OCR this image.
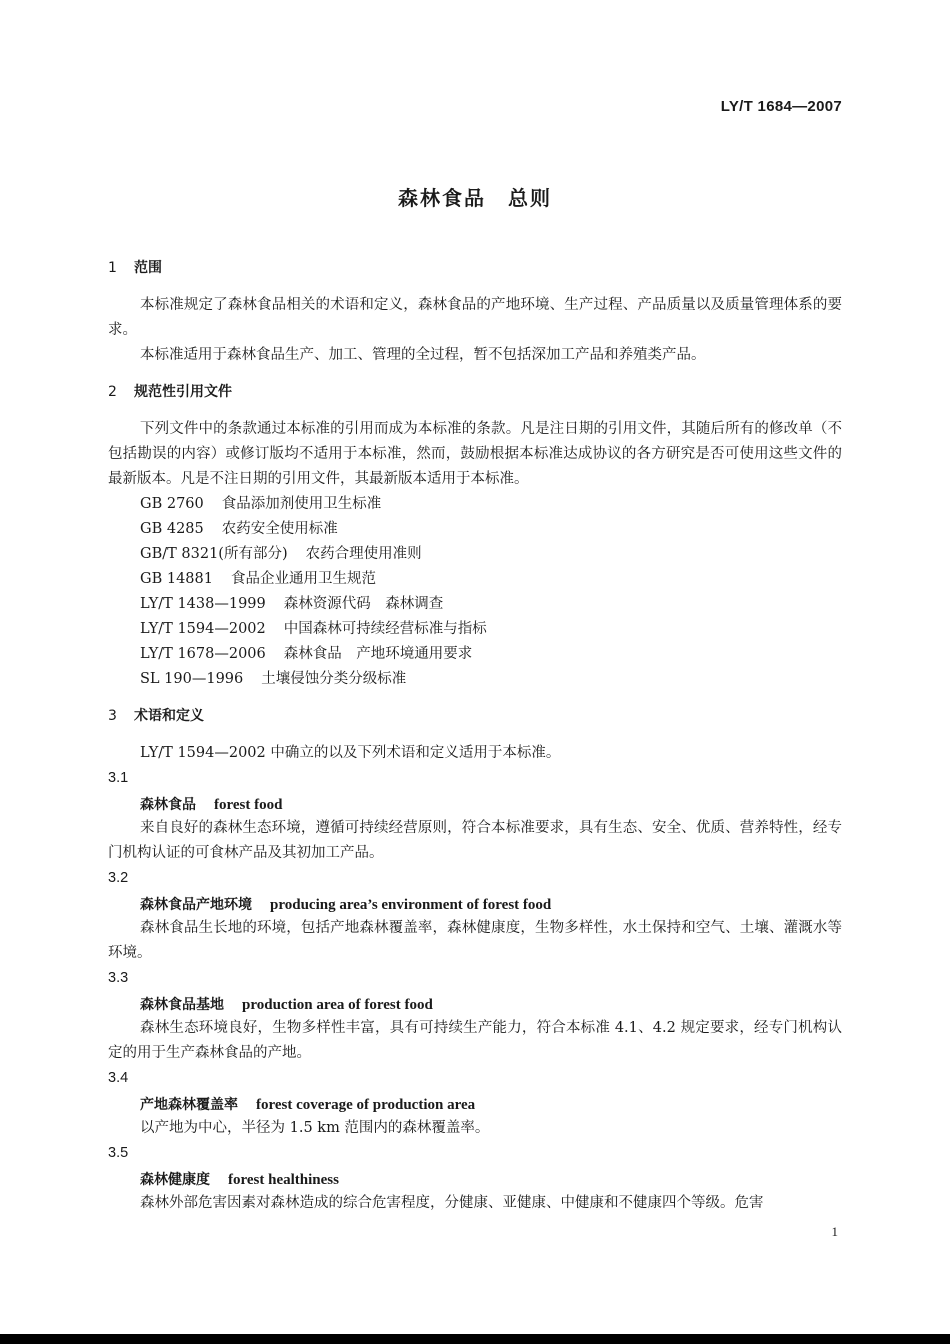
LY/T 1684—2007
森林食品　总则
1 范围

本标准规定了森林食品相关的术语和定义，森林食品的产地环境、生产过程、产品质量以及质量管理体系的要求。

本标准适用于森林食品生产、加工、管理的全过程，暂不包括深加工产品和养殖类产品。

2 规范性引用文件

下列文件中的条款通过本标准的引用而成为本标准的条款。凡是注日期的引用文件，其随后所有的修改单（不包括勘误的内容）或修订版均不适用于本标准，然而，鼓励根据本标准达成协议的各方研究是否可使用这些文件的最新版本。凡是不注日期的引用文件，其最新版本适用于本标准。

GB 2760 食品添加剂使用卫生标准
GB 4285 农药安全使用标准
GB/T 8321(所有部分) 农药合理使用准则
GB 14881 食品企业通用卫生规范
LY/T 1438—1999 森林资源代码　森林调查
LY/T 1594—2002 中国森林可持续经营标准与指标
LY/T 1678—2006 森林食品　产地环境通用要求
SL 190—1996 土壤侵蚀分类分级标准
3 术语和定义

LY/T 1594—2002 中确立的以及下列术语和定义适用于本标准。

3.1
森林食品 forest food

来自良好的森林生态环境，遵循可持续经营原则，符合本标准要求，具有生态、安全、优质、营养特性，经专门机构认证的可食林产品及其初加工产品。

3.2
森林食品产地环境 producing area’s environment of forest food

森林食品生长地的环境，包括产地森林覆盖率，森林健康度，生物多样性，水土保持和空气、土壤、灌溉水等环境。

3.3
森林食品基地 production area of forest food

森林生态环境良好，生物多样性丰富，具有可持续生产能力，符合本标准 4.1、4.2 规定要求，经专门机构认定的用于生产森林食品的产地。

3.4
产地森林覆盖率 forest coverage of production area

以产地为中心，半径为 1.5 km 范围内的森林覆盖率。

3.5
森林健康度 forest healthiness

森林外部危害因素对森林造成的综合危害程度，分健康、亚健康、中健康和不健康四个等级。危害

1
